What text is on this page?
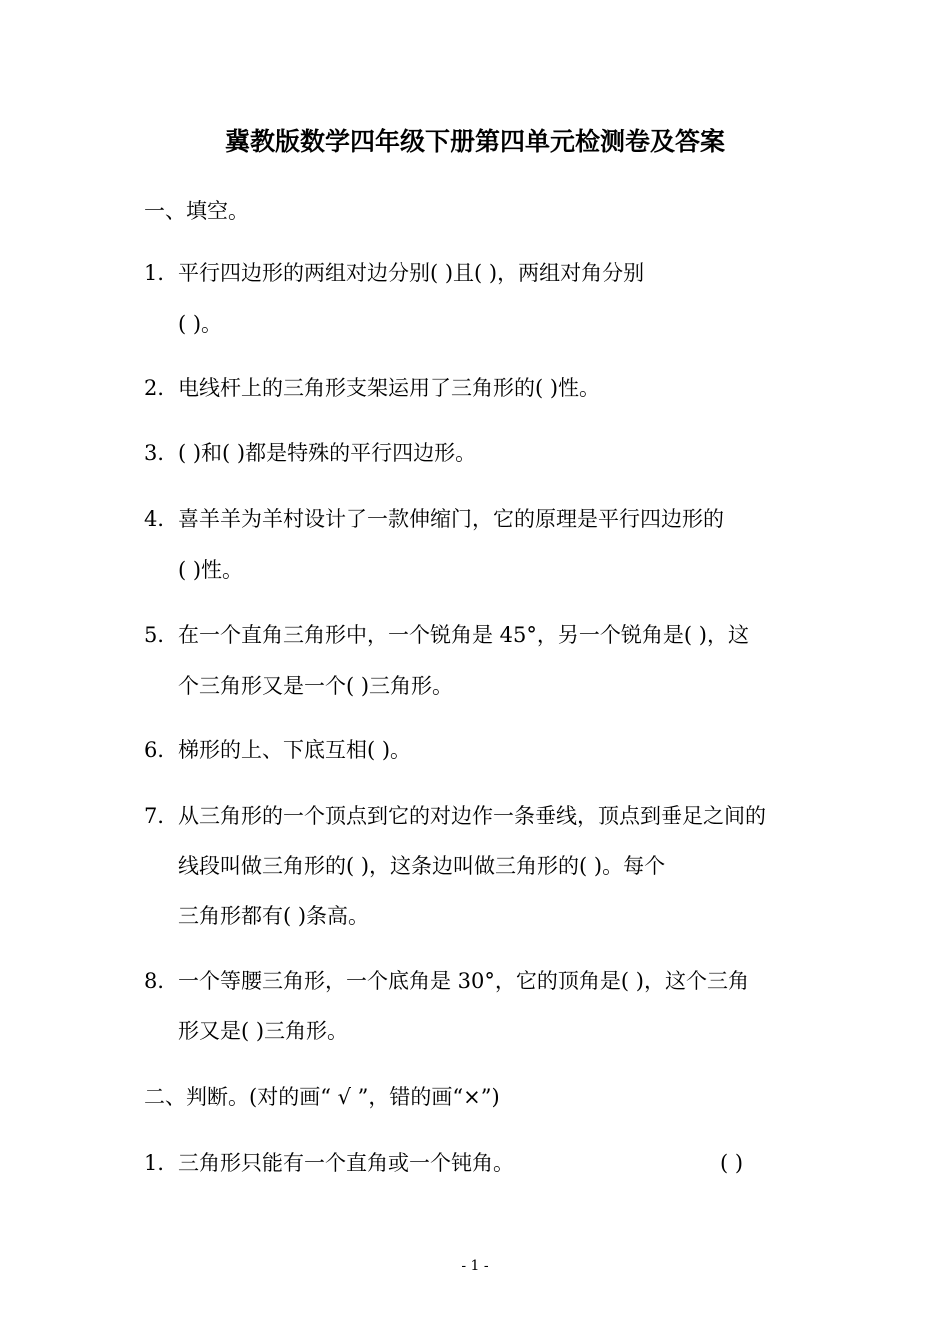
冀教版数学四年级下册第四单元检测卷及答案
一、填空。
1． 平行四边形的两组对边分别( )且( )，两组对角分别
( )。
2． 电线杆上的三角形支架运用了三角形的( )性。
3． ( )和( )都是特殊的平行四边形。
4． 喜羊羊为羊村设计了一款伸缩门，它的原理是平行四边形的
( )性。
5． 在一个直角三角形中，一个锐角是 45°，另一个锐角是( )，这
个三角形又是一个( )三角形。
6． 梯形的上、下底互相( )。
7． 从三角形的一个顶点到它的对边作一条垂线，顶点到垂足之间的
线段叫做三角形的( )，这条边叫做三角形的( )。每个
三角形都有( )条高。
8． 一个等腰三角形，一个底角是 30°，它的顶角是( )，这个三角
形又是( )三角形。
二、判断。(对的画“ √ ”，错的画“×”)
1． 三角形只能有一个直角或一个钝角。	( )
- 1 -
